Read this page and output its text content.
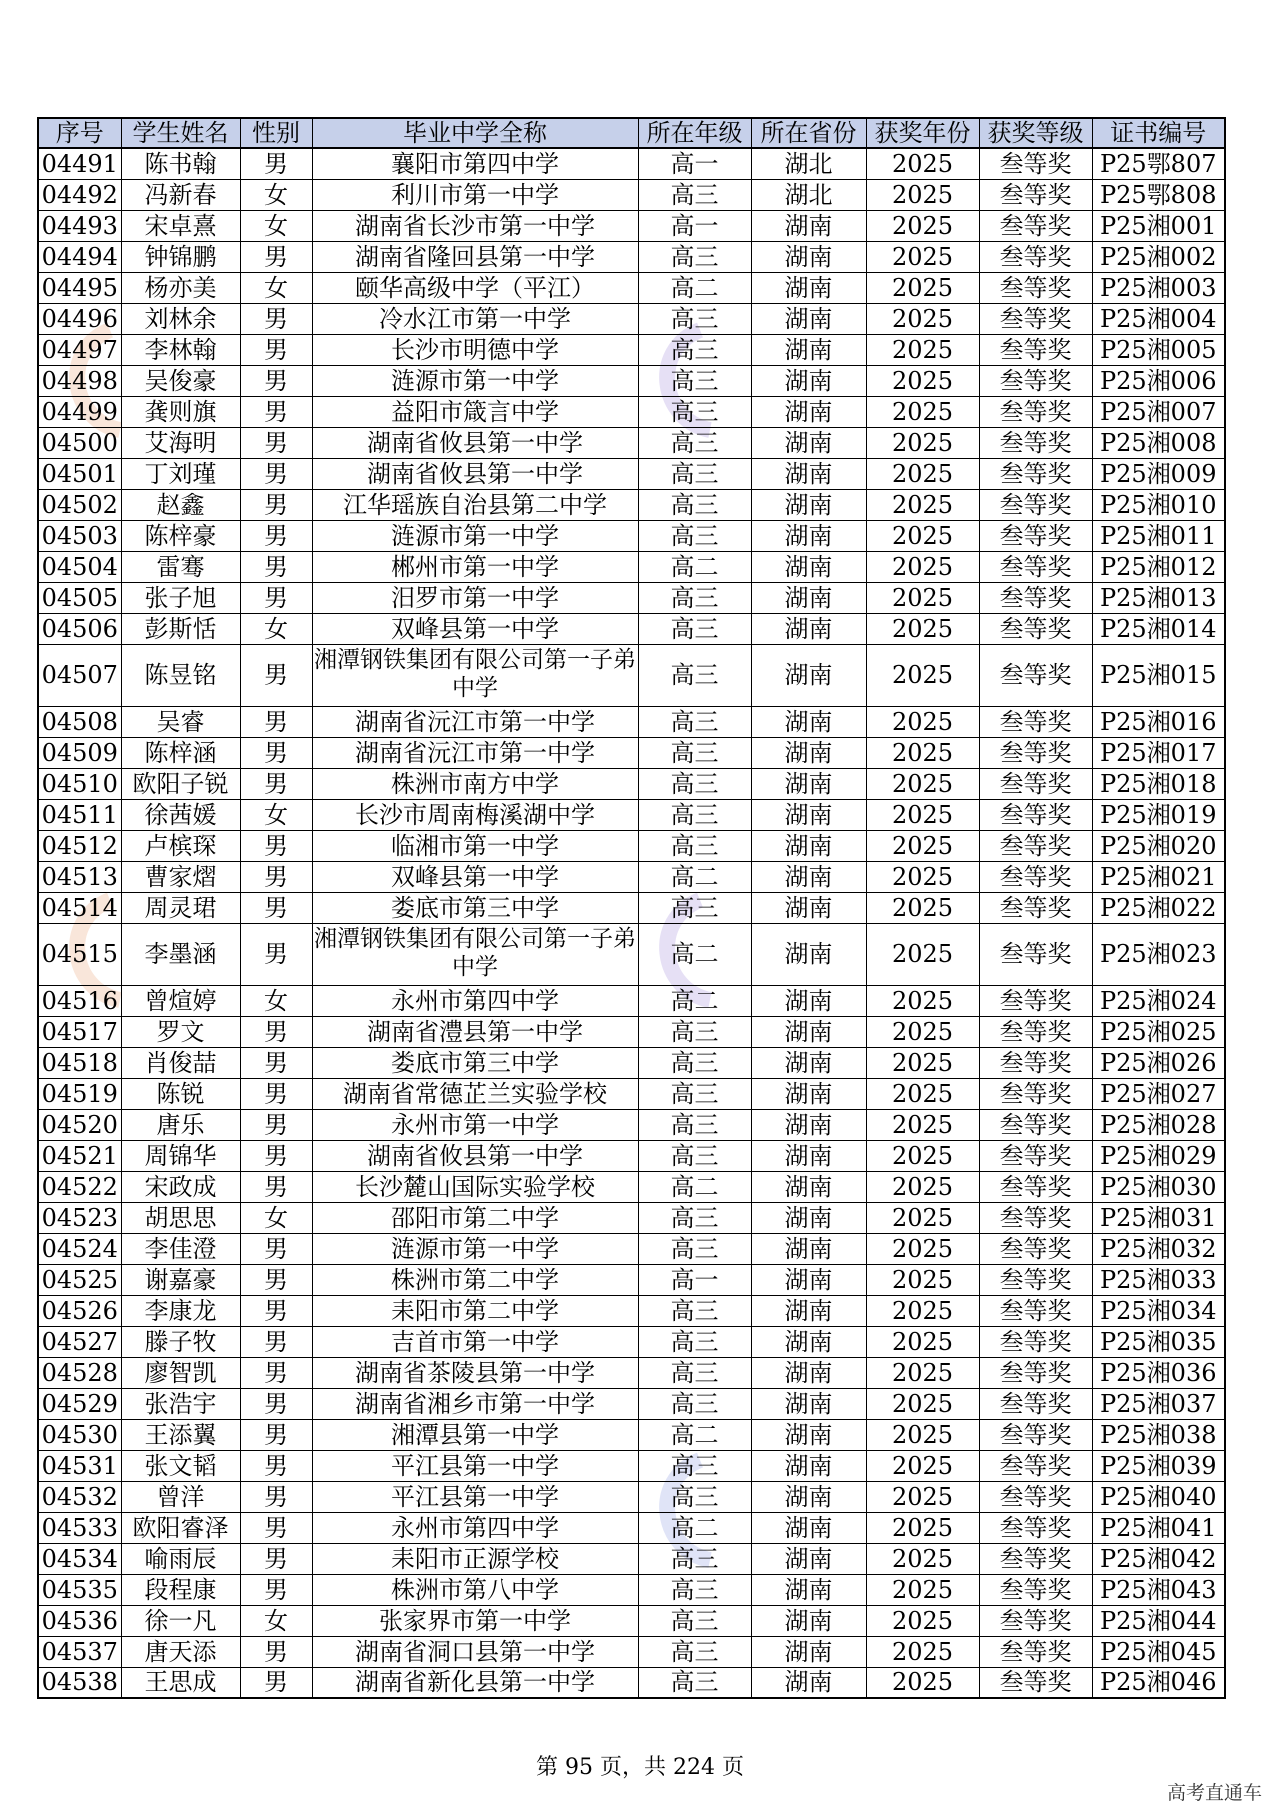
序号	学生姓名	性别	毕业中学全称	所在年级	所在省份	获奖年份	获奖等级	证书编号
04491	陈书翰	男	襄阳市第四中学	高一	湖北	2025	叁等奖	P25鄂807
04492	冯新春	女	利川市第一中学	高三	湖北	2025	叁等奖	P25鄂808
04493	宋卓熹	女	湖南省长沙市第一中学	高一	湖南	2025	叁等奖	P25湘001
04494	钟锦鹏	男	湖南省隆回县第一中学	高三	湖南	2025	叁等奖	P25湘002
04495	杨亦美	女	颐华高级中学（平江）	高二	湖南	2025	叁等奖	P25湘003
04496	刘林余	男	冷水江市第一中学	高三	湖南	2025	叁等奖	P25湘004
04497	李林翰	男	长沙市明德中学	高三	湖南	2025	叁等奖	P25湘005
04498	吴俊豪	男	涟源市第一中学	高三	湖南	2025	叁等奖	P25湘006
04499	龚则旗	男	益阳市箴言中学	高三	湖南	2025	叁等奖	P25湘007
04500	艾海明	男	湖南省攸县第一中学	高三	湖南	2025	叁等奖	P25湘008
04501	丁刘瑾	男	湖南省攸县第一中学	高三	湖南	2025	叁等奖	P25湘009
04502	赵鑫	男	江华瑶族自治县第二中学	高三	湖南	2025	叁等奖	P25湘010
04503	陈梓豪	男	涟源市第一中学	高三	湖南	2025	叁等奖	P25湘011
04504	雷骞	男	郴州市第一中学	高二	湖南	2025	叁等奖	P25湘012
04505	张子旭	男	汨罗市第一中学	高三	湖南	2025	叁等奖	P25湘013
04506	彭斯恬	女	双峰县第一中学	高三	湖南	2025	叁等奖	P25湘014
04507	陈昱铭	男	湘潭钢铁集团有限公司第一子弟中学	高三	湖南	2025	叁等奖	P25湘015
04508	吴睿	男	湖南省沅江市第一中学	高三	湖南	2025	叁等奖	P25湘016
04509	陈梓涵	男	湖南省沅江市第一中学	高三	湖南	2025	叁等奖	P25湘017
04510	欧阳子锐	男	株洲市南方中学	高三	湖南	2025	叁等奖	P25湘018
04511	徐茜媛	女	长沙市周南梅溪湖中学	高三	湖南	2025	叁等奖	P25湘019
04512	卢槟琛	男	临湘市第一中学	高三	湖南	2025	叁等奖	P25湘020
04513	曹家熠	男	双峰县第一中学	高二	湖南	2025	叁等奖	P25湘021
04514	周灵珺	男	娄底市第三中学	高三	湖南	2025	叁等奖	P25湘022
04515	李墨涵	男	湘潭钢铁集团有限公司第一子弟中学	高二	湖南	2025	叁等奖	P25湘023
04516	曾煊婷	女	永州市第四中学	高二	湖南	2025	叁等奖	P25湘024
04517	罗文	男	湖南省澧县第一中学	高三	湖南	2025	叁等奖	P25湘025
04518	肖俊喆	男	娄底市第三中学	高三	湖南	2025	叁等奖	P25湘026
04519	陈锐	男	湖南省常德芷兰实验学校	高三	湖南	2025	叁等奖	P25湘027
04520	唐乐	男	永州市第一中学	高三	湖南	2025	叁等奖	P25湘028
04521	周锦华	男	湖南省攸县第一中学	高三	湖南	2025	叁等奖	P25湘029
04522	宋政成	男	长沙麓山国际实验学校	高二	湖南	2025	叁等奖	P25湘030
04523	胡思思	女	邵阳市第二中学	高三	湖南	2025	叁等奖	P25湘031
04524	李佳澄	男	涟源市第一中学	高三	湖南	2025	叁等奖	P25湘032
04525	谢嘉豪	男	株洲市第二中学	高一	湖南	2025	叁等奖	P25湘033
04526	李康龙	男	耒阳市第二中学	高三	湖南	2025	叁等奖	P25湘034
04527	滕子牧	男	吉首市第一中学	高三	湖南	2025	叁等奖	P25湘035
04528	廖智凯	男	湖南省茶陵县第一中学	高三	湖南	2025	叁等奖	P25湘036
04529	张浩宇	男	湖南省湘乡市第一中学	高三	湖南	2025	叁等奖	P25湘037
04530	王添翼	男	湘潭县第一中学	高二	湖南	2025	叁等奖	P25湘038
04531	张文韬	男	平江县第一中学	高三	湖南	2025	叁等奖	P25湘039
04532	曾洋	男	平江县第一中学	高三	湖南	2025	叁等奖	P25湘040
04533	欧阳睿泽	男	永州市第四中学	高二	湖南	2025	叁等奖	P25湘041
04534	喻雨辰	男	耒阳市正源学校	高三	湖南	2025	叁等奖	P25湘042
04535	段程康	男	株洲市第八中学	高三	湖南	2025	叁等奖	P25湘043
04536	徐一凡	女	张家界市第一中学	高三	湖南	2025	叁等奖	P25湘044
04537	唐天添	男	湖南省洞口县第一中学	高三	湖南	2025	叁等奖	P25湘045
04538	王思成	男	湖南省新化县第一中学	高三	湖南	2025	叁等奖	P25湘046
第 95 页，共 224 页
高考直通车
